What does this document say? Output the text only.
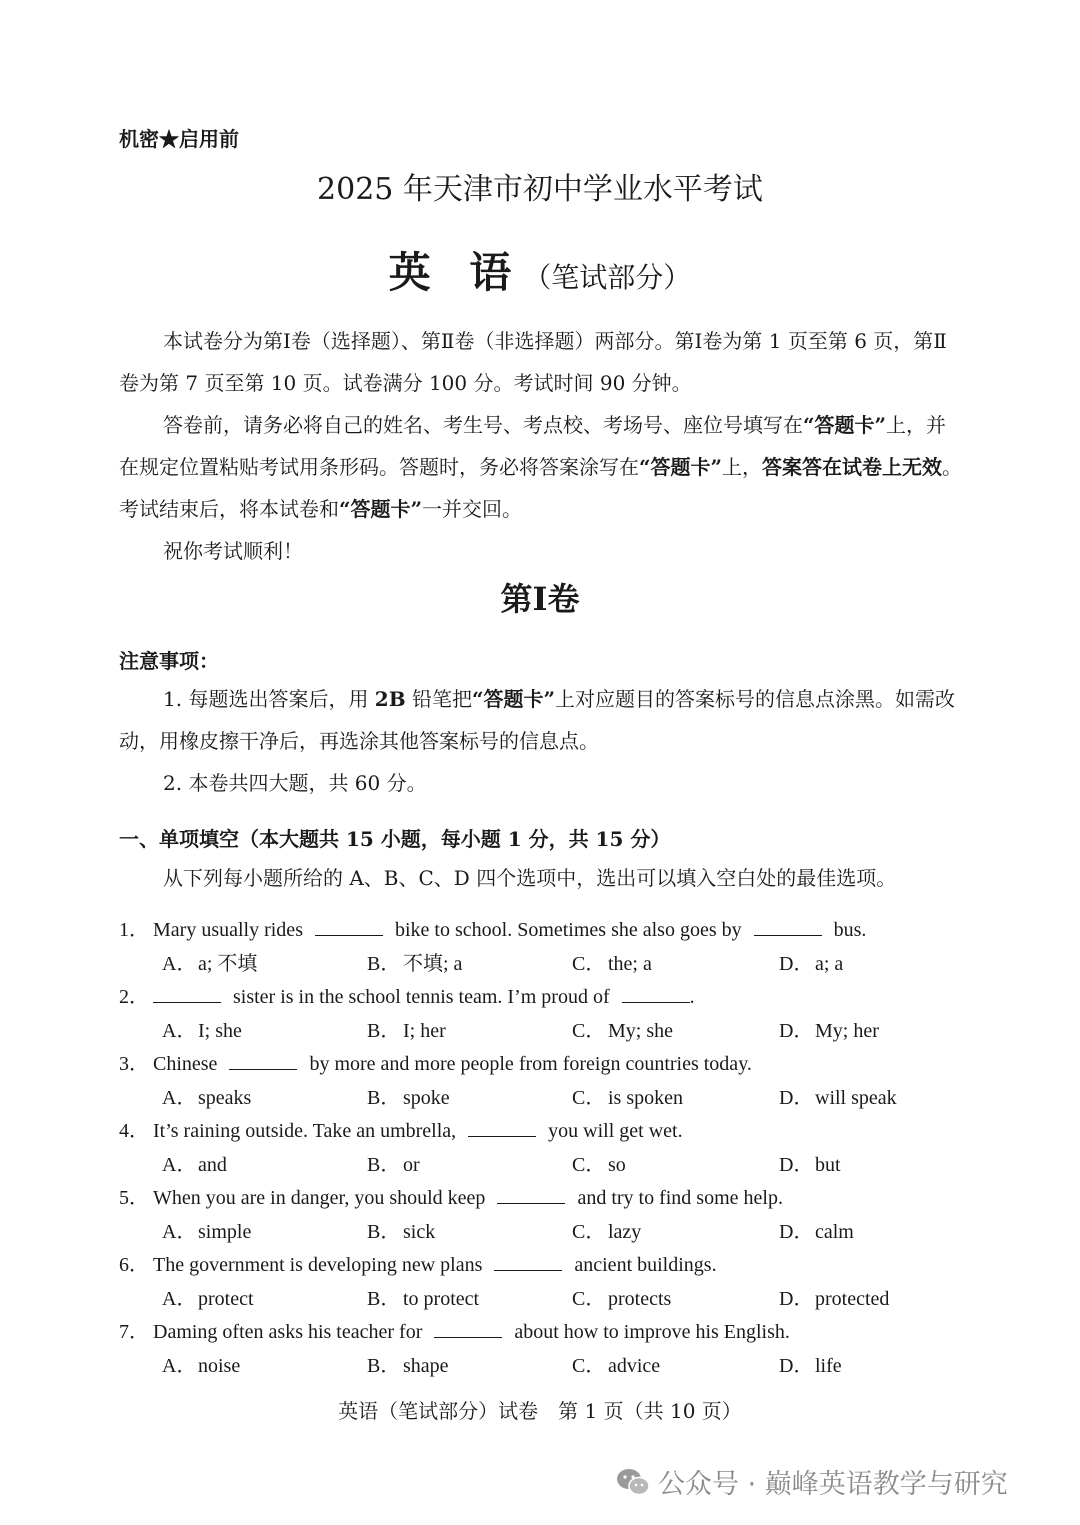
机密★启用前
2025 年天津市初中学业水平考试
英 语（笔试部分）
本试卷分为第Ⅰ卷（选择题）、第Ⅱ卷（非选择题）两部分。第Ⅰ卷为第 1 页至第 6 页，第Ⅱ卷为第 7 页至第 10 页。试卷满分 100 分。考试时间 90 分钟。
答卷前，请务必将自己的姓名、考生号、考点校、考场号、座位号填写在“答题卡”上，并在规定位置粘贴考试用条形码。答题时，务必将答案涂写在“答题卡”上，答案答在试卷上无效。考试结束后，将本试卷和“答题卡”一并交回。
祝你考试顺利！
第Ⅰ卷
注意事项：
1. 每题选出答案后，用 2B 铅笔把“答题卡”上对应题目的答案标号的信息点涂黑。如需改动，用橡皮擦干净后，再选涂其他答案标号的信息点。
2. 本卷共四大题，共 60 分。
一、单项填空（本大题共 15 小题，每小题 1 分，共 15 分）
从下列每小题所给的 A、B、C、D 四个选项中，选出可以填入空白处的最佳选项。
1． Mary usually rides	bike to school. Sometimes she also goes by	bus.
A．a; 不填	B． 不填; a	C． the; a	D．a; a
2．	sister is in the school tennis team. I’m proud of	.
A．I; she	B． I; her	C． My; she	D．My; her
3． Chinese	by more and more people from foreign countries today.
A．speaks	B． spoke	C． is spoken	D．will speak
4． It’s raining outside. Take an umbrella,	you will get wet.
A．and	B． or	C． so	D．but
5． When you are in danger, you should keep	and try to find some help.
A．simple	B． sick	C． lazy	D．calm
6． The government is developing new plans	ancient buildings.
A．protect	B． to protect	C． protects	D．protected
7． Daming often asks his teacher for	about how to improve his English.
A．noise	B． shape	C． advice	D．life
英语（笔试部分）试卷　第 1 页（共 10 页）
公众号 · 巅峰英语教学与研究
